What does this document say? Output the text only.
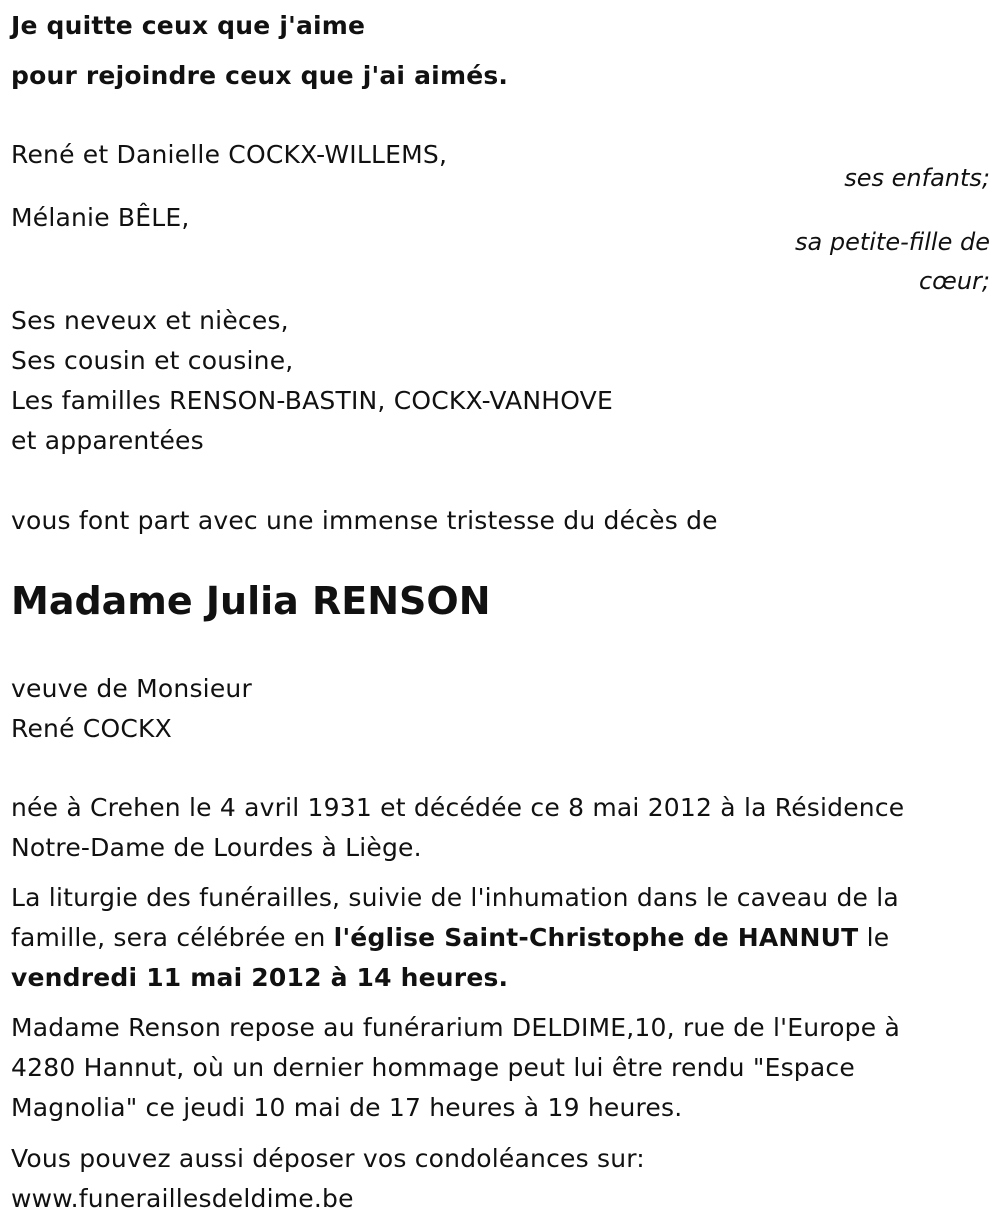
Je quitte ceux que j'aime
pour rejoindre ceux que j'ai aimés.
René et Danielle COCKX-WILLEMS,
ses enfants;
Mélanie BÊLE,
sa petite-fille de
cœur;
Ses neveux et nièces,
Ses cousin et cousine,
Les familles RENSON-BASTIN, COCKX-VANHOVE
et apparentées
vous font part avec une immense tristesse du décès de
Madame Julia RENSON
veuve de Monsieur
René COCKX
née à Crehen le 4 avril 1931 et décédée ce 8 mai 2012 à la Résidence
Notre-Dame de Lourdes à Liège.
La liturgie des funérailles, suivie de l'inhumation dans le caveau de la famille, sera célébrée en l'église Saint-Christophe de HANNUT le vendredi 11 mai 2012 à 14 heures.
Madame Renson repose au funérarium DELDIME,10, rue de l'Europe à 4280 Hannut, où un dernier hommage peut lui être rendu "Espace Magnolia" ce jeudi 10 mai de 17 heures à 19 heures.
Vous pouvez aussi déposer vos condoléances sur:
www.funeraillesdeldime.be
